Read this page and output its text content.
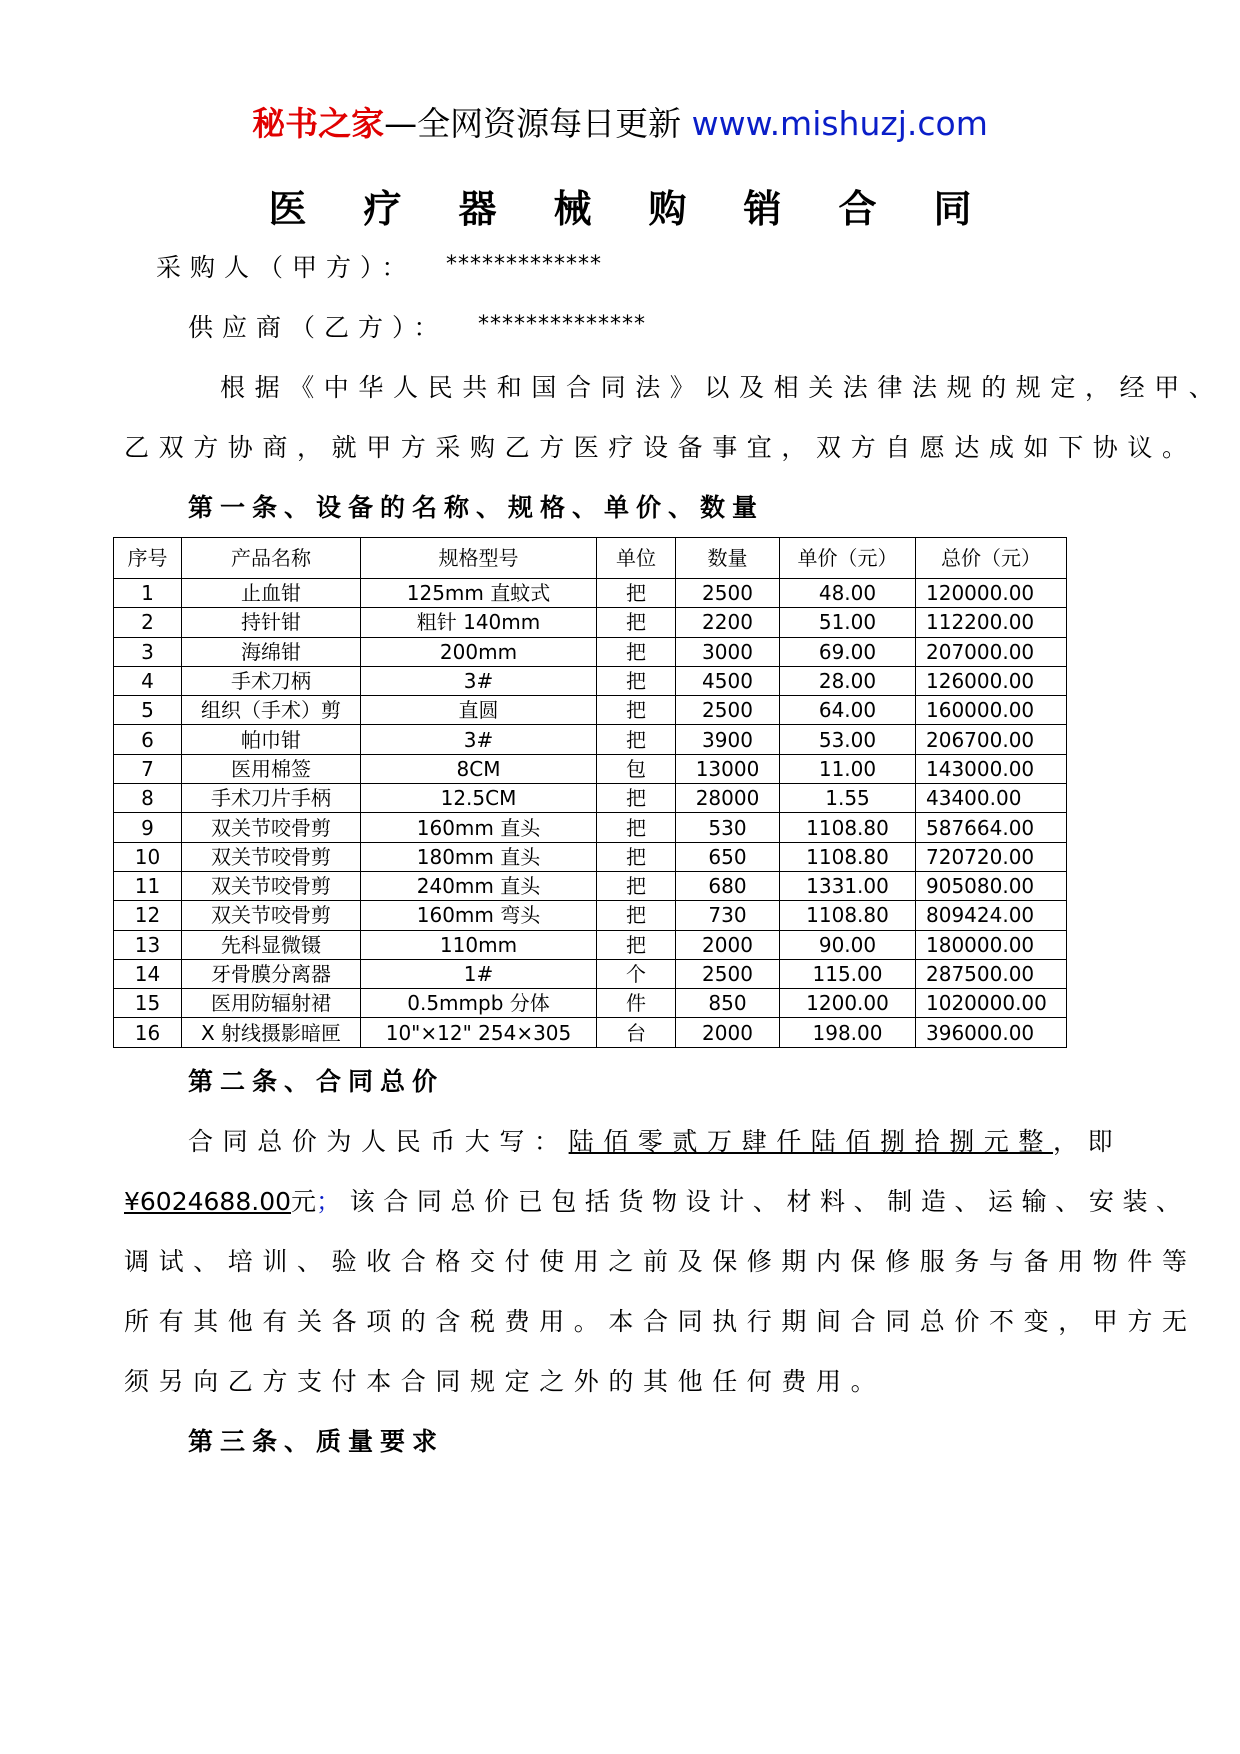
秘书之家—全网资源每日更新 www.mishuzj.com
医疗器械购销合同
采购人（甲方）： *************
供应商（乙方）： **************
根据《中华人民共和国合同法》以及相关法律法规的规定，经甲、
乙双方协商，就甲方采购乙方医疗设备事宜，双方自愿达成如下协议。
第一条、设备的名称、规格、单价、数量
序号	产品名称	规格型号	单位	数量	单价（元）	总价（元）
1	止血钳	125mm 直蚊式	把	2500	48.00	120000.00
2	持针钳	粗针 140mm	把	2200	51.00	112200.00
3	海绵钳	200mm	把	3000	69.00	207000.00
4	手术刀柄	3#	把	4500	28.00	126000.00
5	组织（手术）剪	直圆	把	2500	64.00	160000.00
6	帕巾钳	3#	把	3900	53.00	206700.00
7	医用棉签	8CM	包	13000	11.00	143000.00
8	手术刀片手柄	12.5CM	把	28000	1.55	43400.00
9	双关节咬骨剪	160mm 直头	把	530	1108.80	587664.00
10	双关节咬骨剪	180mm 直头	把	650	1108.80	720720.00
11	双关节咬骨剪	240mm 直头	把	680	1331.00	905080.00
12	双关节咬骨剪	160mm 弯头	把	730	1108.80	809424.00
13	先科显微镊	110mm	把	2000	90.00	180000.00
14	牙骨膜分离器	1#	个	2500	115.00	287500.00
15	医用防辐射裙	0.5mmpb 分体	件	850	1200.00	1020000.00
16	X 射线摄影暗匣	10"×12" 254×305	台	2000	198.00	396000.00
第二条、合同总价
合同总价为人民币大写：陆佰零贰万肆仟陆佰捌拾捌元整，即
¥6024688.00元；该合同总价已包括货物设计、材料、制造、运输、安装、
调试、培训、验收合格交付使用之前及保修期内保修服务与备用物件等
所有其他有关各项的含税费用。本合同执行期间合同总价不变，甲方无
须另向乙方支付本合同规定之外的其他任何费用。
第三条、质量要求
